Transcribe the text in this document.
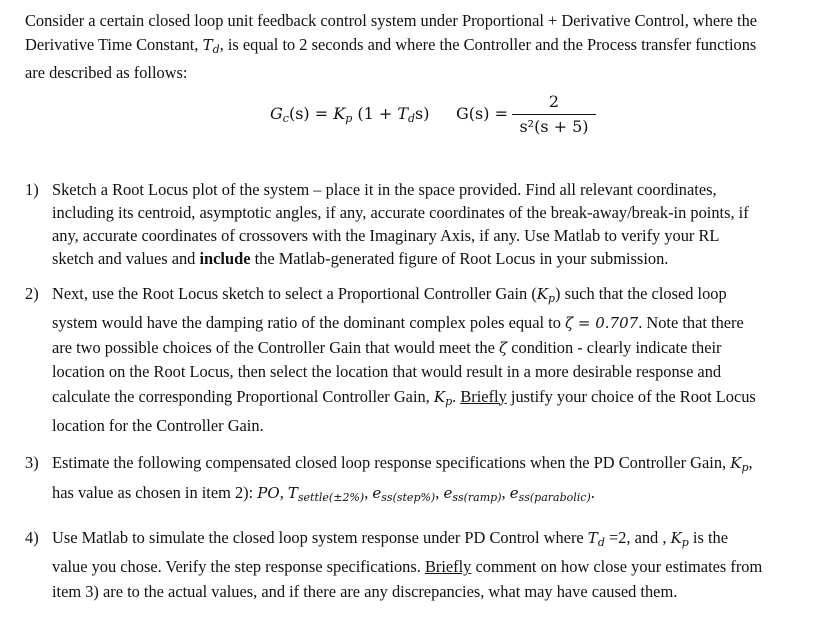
Consider a certain closed loop unit feedback control system under Proportional + Derivative Control, where the
Derivative Time Constant, $T_d$, is equal to 2 seconds and where the Controller and the Process transfer functions
are described as follows:
$G_c(s) = K_p$ $(1 + T_ds)$ G(s) =
2
s²(s + 5)
1) Sketch a Root Locus plot of the system – place it in the space provided. Find all relevant coordinates,
including its centroid, asymptotic angles, if any, accurate coordinates of the break-away/break-in points, if
any, accurate coordinates of crossovers with the Imaginary Axis, if any. Use Matlab to verify your RL
sketch and values and include the Matlab-generated figure of Root Locus in your submission.
2) Next, use the Root Locus sketch to select a Proportional Controller Gain $(K_p)$ such that the closed loop
system would have the damping ratio of the dominant complex poles equal to ζ = 0.707. Note that there
are two possible choices of the Controller Gain that would meet the ζ condition - clearly indicate their
location on the Root Locus, then select the location that would result in a more desirable response and
calculate the corresponding Proportional Controller Gain, $K_p$. Briefly justify your choice of the Root Locus
location for the Controller Gain.
3) Estimate the following compensated closed loop response specifications when the PD Controller Gain, $K_p$,
has value as chosen in item 2): PO, $T_{settle(\pm 2\%)}$, $e_{ss(step\%)}$, $e_{ss(ramp)}$, $e_{ss(parabolic)}$.
4) Use Matlab to simulate the closed loop system response under PD Control where $T_d =2$, and , $K_p$ is the
value you chose. Verify the step response specifications. Briefly comment on how close your estimates from
item 3) are to the actual values, and if there are any discrepancies, what may have caused them.
